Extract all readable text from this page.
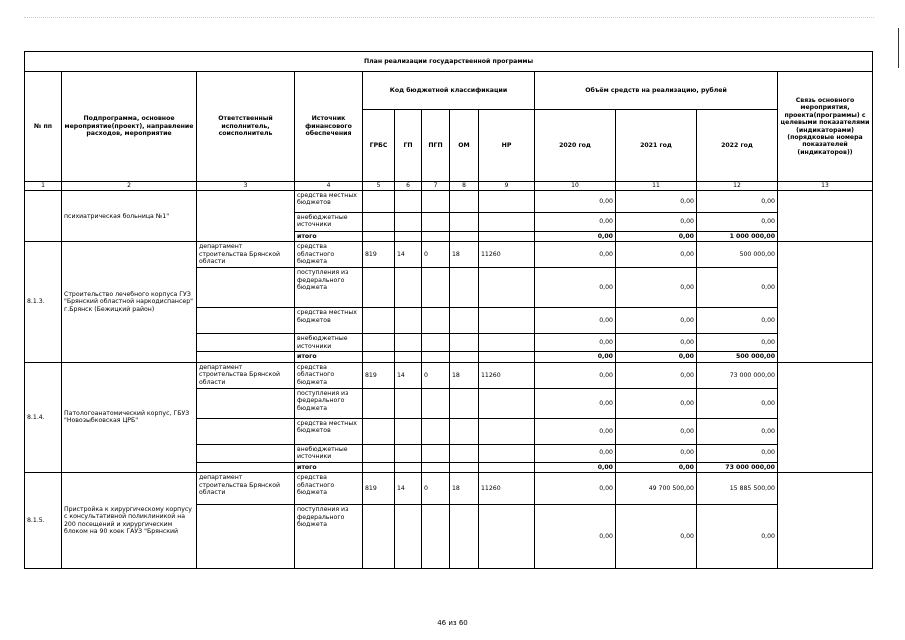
План реализации государственной программы												
№ пп	Подпрограмма, основное мероприятие(проект), направление расходов, мероприятие	Ответственный исполнитель, соисполнитель	Источник финансового обеспечения	Код бюджетной классификации					Объём средств на реализацию, рублей			Связь основного мероприятия, проекта(программы) с целевыми показателями (индикаторами) (порядковые номера показателей (индикаторов))
				ГРБС	ГП	ПГП	ОМ	НР	2020 год	2021 год	2022 год	
1	2	3	4	5	6	7	8	9	10	11	12	13
	психиатрическая больница №1"		средства местных бюджетов						0,00	0,00	0,00	
			внебюджетные источники						0,00	0,00	0,00	
			итого						0,00	0,00	1 000 000,00	
8.1.3.	Строительство лечебного корпуса ГУЗ "Брянский областной наркодиспансер" г.Брянск (Бежицкий район)	департамент строительства Брянской области	средства областного бюджета	819	14	0	18	11260	0,00	0,00	500 000,00	
			поступления из федерального бюджета						0,00	0,00	0,00	
			средства местных бюджетов						0,00	0,00	0,00	
			внебюджетные источники						0,00	0,00	0,00	
			итого						0,00	0,00	500 000,00	
8.1.4.	Патологоанатомический корпус, ГБУЗ "Новозыбковская ЦРБ"	департамент строительства Брянской области	средства областного бюджета	819	14	0	18	11260	0,00	0,00	73 000 000,00	
			поступления из федерального бюджета						0,00	0,00	0,00	
			средства местных бюджетов						0,00	0,00	0,00	
			внебюджетные источники						0,00	0,00	0,00	
			итого						0,00	0,00	73 000 000,00	
8.1.5.	Пристройка к хирургическому корпусу с консультативной поликлиникой на 200 посещений и хирургическим блоком на 90 коек ГАУЗ "Брянский	департамент строительства Брянской области	средства областного бюджета	819	14	0	18	11260	0,00	49 700 500,00	15 885 500,00	
			поступления из федерального бюджета						0,00	0,00	0,00	
46 из 60
